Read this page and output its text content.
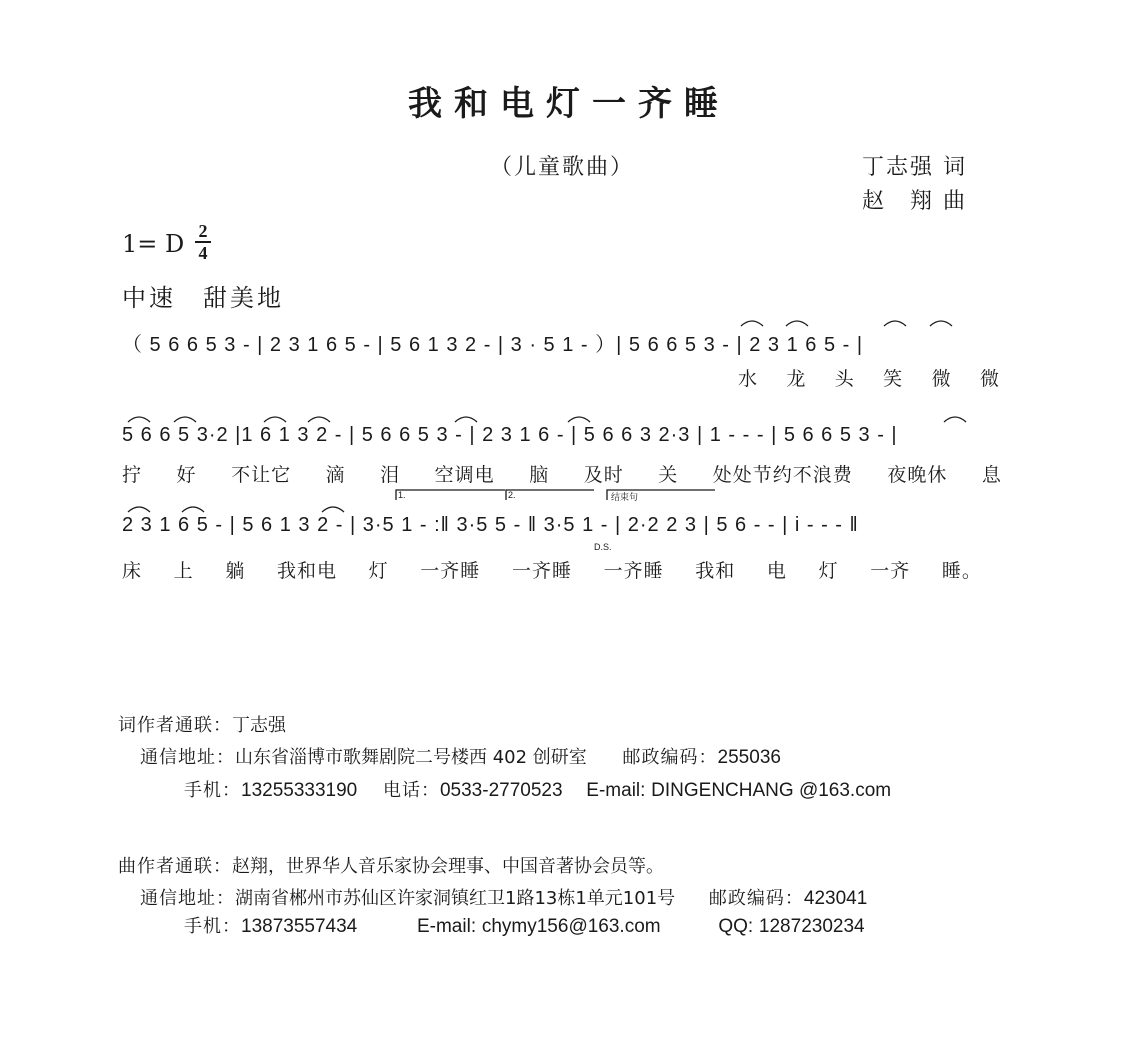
我和电灯一齐睡
（儿童歌曲）	丁志强 词
赵　翔 曲
1= D 2
4
中速　甜美地
（ 5 6 6 5 3 - | 2 3 1 6 5 - | 5 6 1 3 2 - | 3 · 5 1 - ）| 5 6 6 5 3 - | 2 3 1 6 5 - |
水 龙 头 笑 微 微
5 6 6 5 3·2 |1 6 1 3 2 - | 5 6 6 5 3 - | 2 3 1 6 - | 5 6 6 3 2·3 | 1 - - - | 5 6 6 5 3 - |
拧 好 不让它 滴 泪 空调电 脑 及时 关 处处节约不浪费 夜晚休 息
1.	2.	结束句
2 3 1 6 5 - | 5 6 1 3 2 - | 3·5 1 - :‖ 3·5 5 - ‖ 3·5 1 - | 2·2 2 3 | 5 6 - - | i - - - ‖
D.S.
床 上 躺 我和电 灯 一齐睡 一齐睡 一齐睡 我和 电 灯 一齐 睡。
词作者通联：丁志强
通信地址：山东省淄博市歌舞剧院二号楼西 402 创研室 邮政编码：255036
手机：13255333190 电话：0533-2770523 E-mail: DINGENCHANG @163.com
曲作者通联：赵翔，世界华人音乐家协会理事、中国音著协会员等。
通信地址：湖南省郴州市苏仙区许家洞镇红卫1路13栋1单元101号 邮政编码：423041
手机：13873557434	E-mail: chymy156@163.com	QQ: 1287230234
